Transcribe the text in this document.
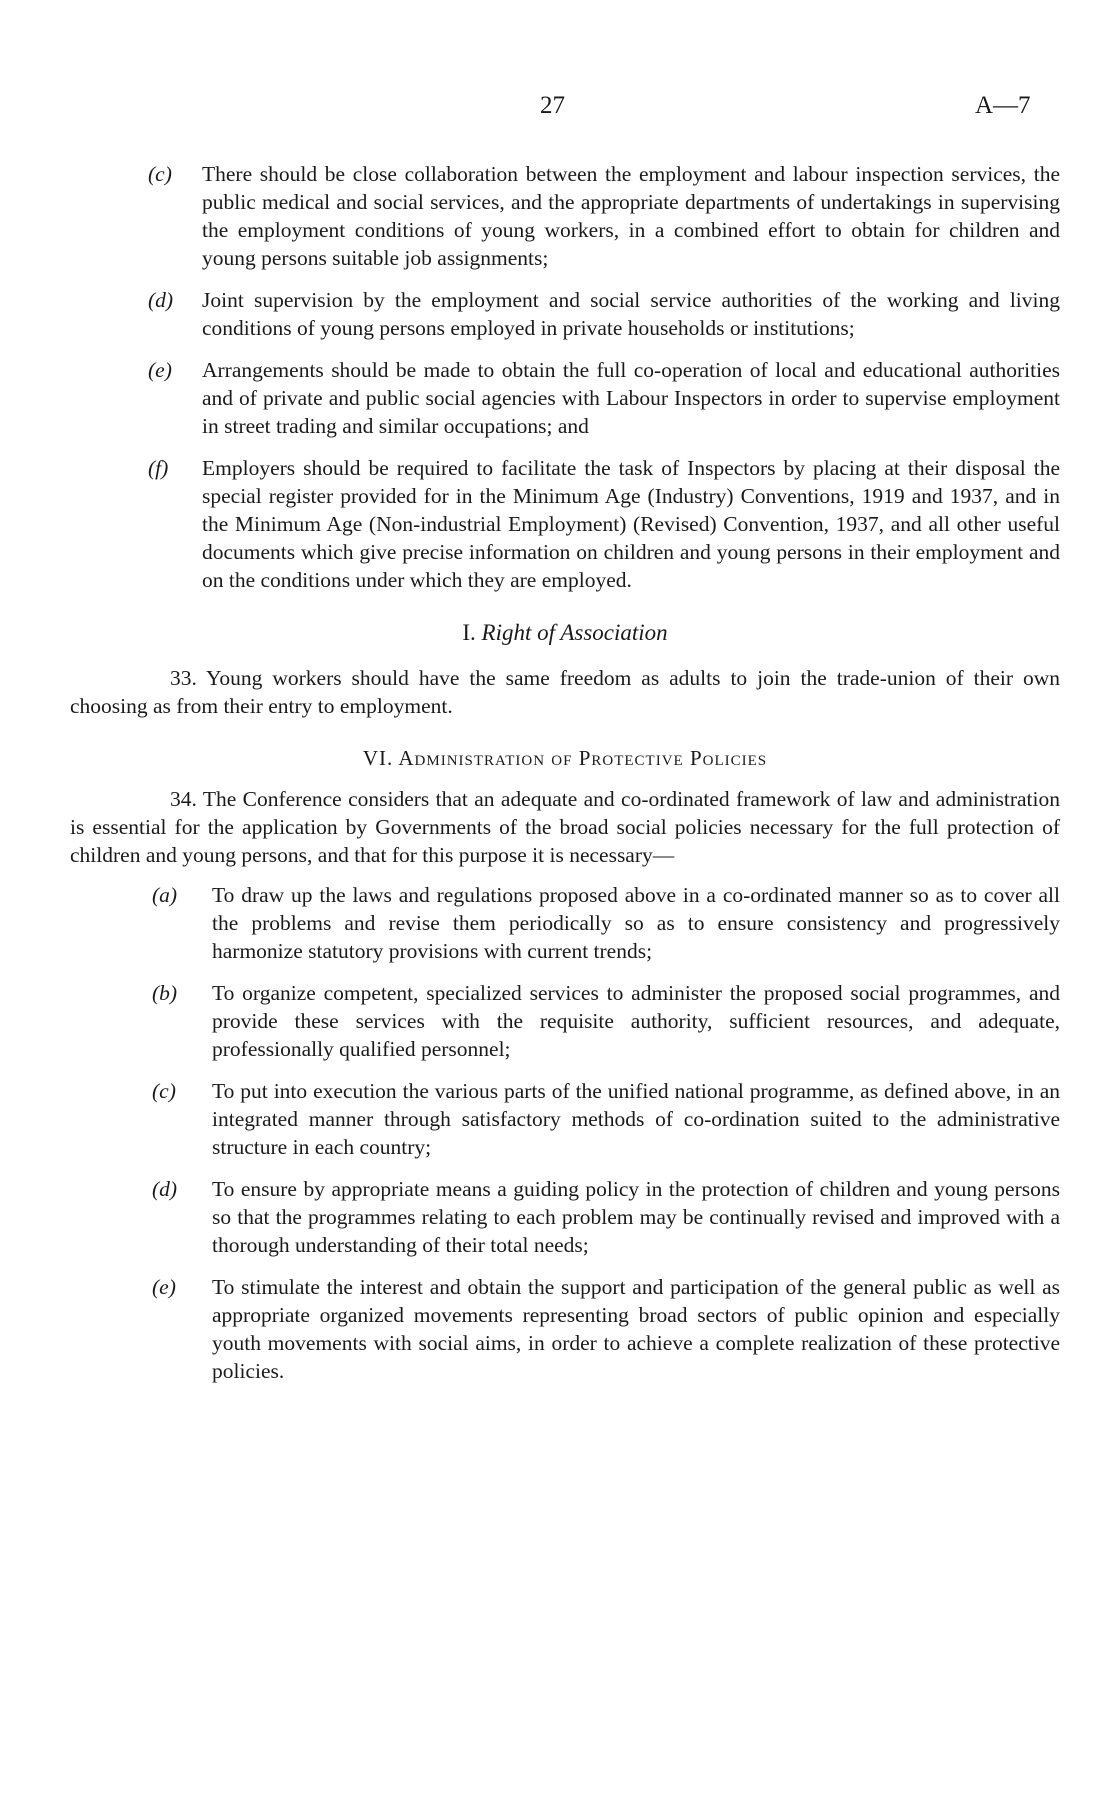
27	A—7

(c) There should be close collaboration between the employment and labour inspection services, the public medical and social services, and the appropriate departments of undertakings in supervising the employment conditions of young workers, in a combined effort to obtain for children and young persons suitable job assignments;

(d) Joint supervision by the employment and social service authorities of the working and living conditions of young persons employed in private households or institutions;

(e) Arrangements should be made to obtain the full co-operation of local and educational authorities and of private and public social agencies with Labour Inspectors in order to supervise employment in street trading and similar occupations; and

(f) Employers should be required to facilitate the task of Inspectors by placing at their disposal the special register provided for in the Minimum Age (Industry) Conventions, 1919 and 1937, and in the Minimum Age (Non-industrial Employment) (Revised) Convention, 1937, and all other useful documents which give precise information on children and young persons in their employment and on the conditions under which they are employed.

I. Right of Association

33. Young workers should have the same freedom as adults to join the trade-union of their own choosing as from their entry to employment.

VI. Administration of Protective Policies

34. The Conference considers that an adequate and co-ordinated framework of law and administration is essential for the application by Governments of the broad social policies necessary for the full protection of children and young persons, and that for this purpose it is necessary—

(a) To draw up the laws and regulations proposed above in a co-ordinated manner so as to cover all the problems and revise them periodically so as to ensure consistency and progressively harmonize statutory provisions with current trends;

(b) To organize competent, specialized services to administer the proposed social programmes, and provide these services with the requisite authority, sufficient resources, and adequate, professionally qualified personnel;

(c) To put into execution the various parts of the unified national programme, as defined above, in an integrated manner through satisfactory methods of co-ordination suited to the administrative structure in each country;

(d) To ensure by appropriate means a guiding policy in the protection of children and young persons so that the programmes relating to each problem may be continually revised and improved with a thorough understanding of their total needs;

(e) To stimulate the interest and obtain the support and participation of the general public as well as appropriate organized movements representing broad sectors of public opinion and especially youth movements with social aims, in order to achieve a complete realization of these protective policies.
